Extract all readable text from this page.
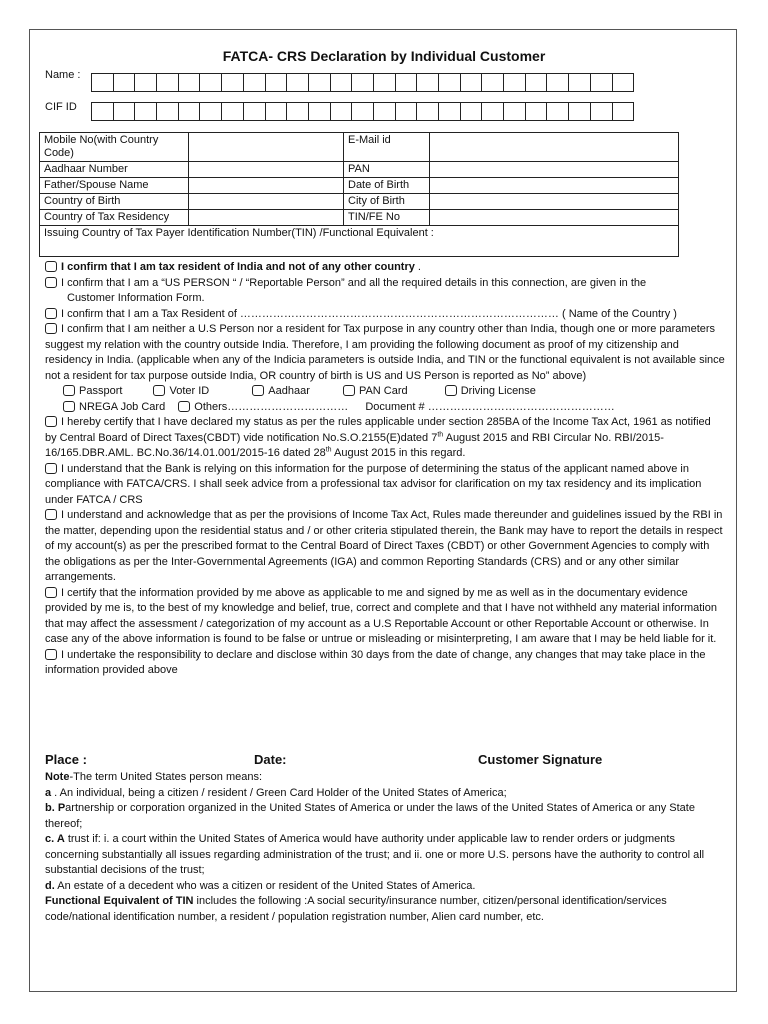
FATCA- CRS Declaration by Individual Customer
Name :
CIF ID
Mobile No(with Country Code)		E-Mail id	
Aadhaar Number		PAN	
Father/Spouse Name		Date of Birth	
Country of Birth		City of Birth	
Country of Tax Residency		TIN/FE No	
Issuing Country of Tax Payer Identification Number(TIN) /Functional Equivalent :			

I confirm that I am tax resident of India and not of any other country .

I confirm that I am a “US PERSON “ / “Reportable Person” and all the required details in this connection, are given in the

Customer Information Form.

I confirm that I am a Tax Resident of …………………………………………………………………………… ( Name of the Country )

I confirm that I am neither a U.S Person nor a resident for Tax purpose in any country other than India, though one or more parameters suggest my relation with the country outside India. Therefore, I am providing the following document as proof of my citizenship and residency in India. (applicable when any of the Indicia parameters is outside India, and TIN or the functional equivalent is not available since not a resident for tax purpose outside India, OR country of birth is US and US Person is reported as No” above)

Passport	Voter ID	Aadhaar	PAN Card	Driving License

NREGA Job Card	Others…………………………… Document # ……………………………………………

I hereby certify that I have declared my status as per the rules applicable under section 285BA of the Income Tax Act, 1961 as notified by Central Board of Direct Taxes(CBDT) vide notification No.S.O.2155(E)dated 7th August 2015 and RBI Circular No. RBI/2015-16/165.DBR.AML. BC.No.36/14.01.001/2015-16 dated 28th August 2015 in this regard.

I understand that the Bank is relying on this information for the purpose of determining the status of the applicant named above in compliance with FATCA/CRS. I shall seek advice from a professional tax advisor for clarification on my tax residency and its implication under FATCA / CRS

I understand and acknowledge that as per the provisions of Income Tax Act, Rules made thereunder and guidelines issued by the RBI in the matter, depending upon the residential status and / or other criteria stipulated therein, the Bank may have to report the details in respect of my account(s) as per the prescribed format to the Central Board of Direct Taxes (CBDT) or other Government Agencies to comply with the obligations as per the Inter-Governmental Agreements (IGA) and common Reporting Standards (CRS) and or any other similar arrangements.

I certify that the information provided by me above as applicable to me and signed by me as well as in the documentary evidence provided by me is, to the best of my knowledge and belief, true, correct and complete and that I have not withheld any material information that may affect the assessment / categorization of my account as a U.S Reportable Account or other Reportable Account or otherwise. In case any of the above information is found to be false or untrue or misleading or misinterpreting, I am aware that I may be held liable for it.

I undertake the responsibility to declare and disclose within 30 days from the date of change, any changes that may take place in the information provided above

Place :	Date:	Customer Signature

Note-The term United States person means:

a . An individual, being a citizen / resident / Green Card Holder of the United States of America;

b. Partnership or corporation organized in the United States of America or under the laws of the United States of America or any State thereof;

c. A trust if: i. a court within the United States of America would have authority under applicable law to render orders or judgments concerning substantially all issues regarding administration of the trust; and ii. one or more U.S. persons have the authority to control all substantial decisions of the trust;

d. An estate of a decedent who was a citizen or resident of the United States of America.

Functional Equivalent of TIN includes the following :A social security/insurance number, citizen/personal identification/services code/national identification number, a resident / population registration number, Alien card number, etc.
